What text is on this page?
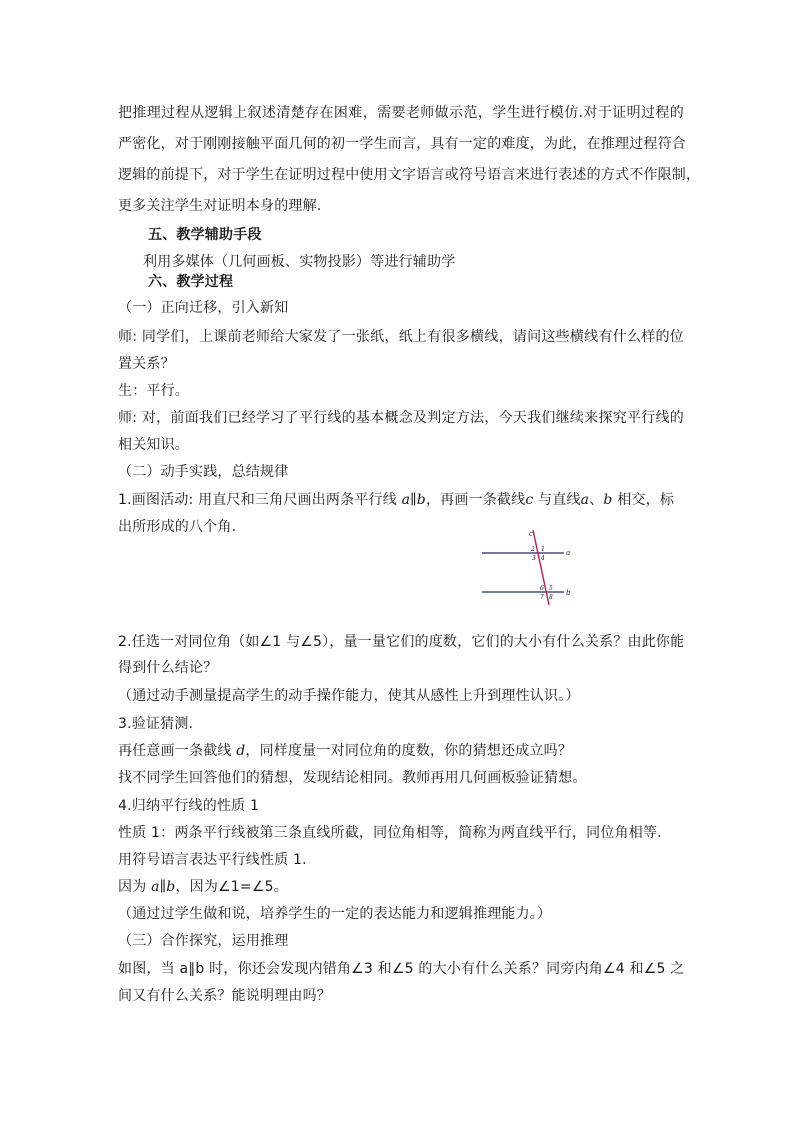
把推理过程从逻辑上叙述清楚存在困难，需要老师做示范，学生进行模仿.对于证明过程的
严密化，对于刚刚接触平面几何的初一学生而言，具有一定的难度，为此，在推理过程符合
逻辑的前提下，对于学生在证明过程中使用文字语言或符号语言来进行表述的方式不作限制，
更多关注学生对证明本身的理解.
五、教学辅助手段
利用多媒体（几何画板、实物投影）等进行辅助学
六、教学过程
（一）正向迁移，引入新知
师: 同学们，上课前老师给大家发了一张纸，纸上有很多横线，请问这些横线有什么样的位
置关系？
生：平行。
师: 对，前面我们已经学习了平行线的基本概念及判定方法，今天我们继续来探究平行线的
相关知识。
（二）动手实践，总结规律
1.画图活动: 用直尺和三角尺画出两条平行线 a∥b，再画一条截线c 与直线a、b 相交，标
出所形成的八个角.	c
a
b
1
2
3 4
5
6
7 8
2.任选一对同位角（如∠1 与∠5），量一量它们的度数，它们的大小有什么关系？由此你能
得到什么结论？
（通过动手测量提高学生的动手操作能力，使其从感性上升到理性认识。）
3.验证猜测.
再任意画一条截线 d，同样度量一对同位角的度数，你的猜想还成立吗？
找不同学生回答他们的猜想，发现结论相同。教师再用几何画板验证猜想。
4.归纳平行线的性质 1
性质 1：两条平行线被第三条直线所截，同位角相等，简称为两直线平行，同位角相等.
用符号语言表达平行线性质 1.
因为 a∥b，因为∠1=∠5。
（通过过学生做和说，培养学生的一定的表达能力和逻辑推理能力。）
（三）合作探究，运用推理
如图，当 a∥b 时，你还会发现内错角∠3 和∠5 的大小有什么关系？同旁内角∠4 和∠5 之
间又有什么关系？能说明理由吗？
